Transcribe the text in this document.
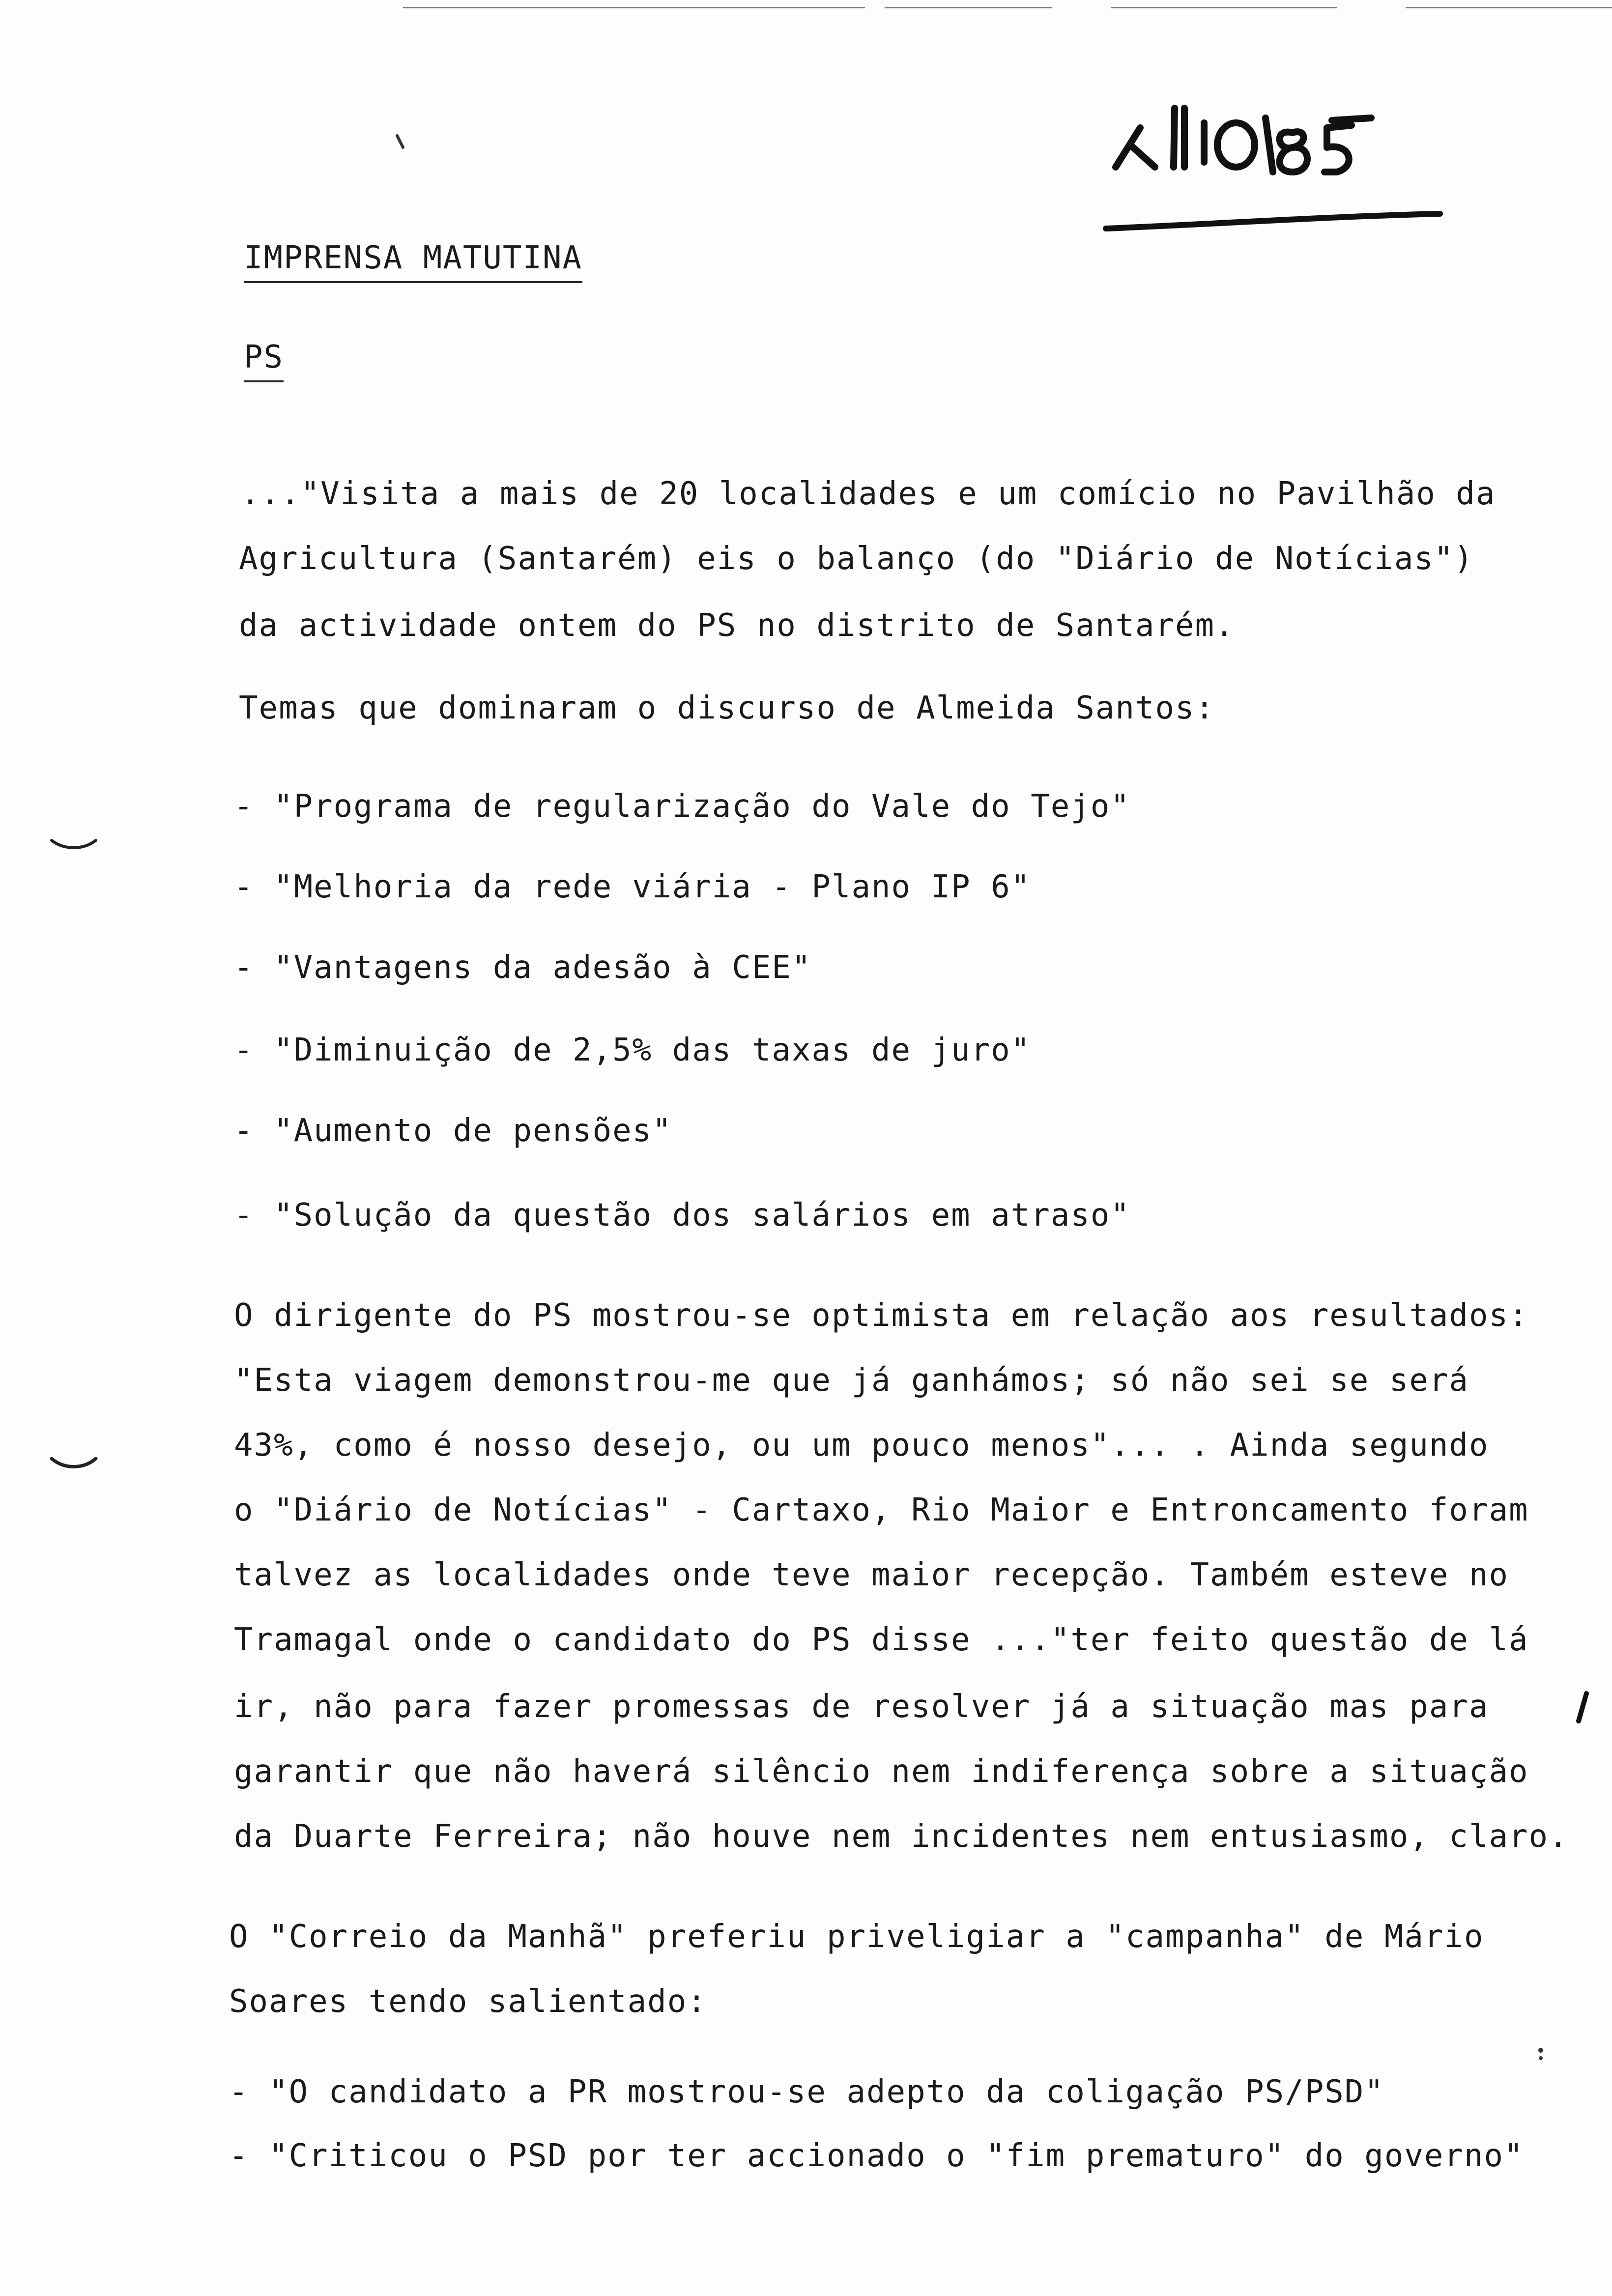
IMPRENSA MATUTINA
PS
..."Visita a mais de 20 localidades e um comício no Pavilhão da
Agricultura (Santarém) eis o balanço (do "Diário de Notícias")
da actividade ontem do PS no distrito de Santarém.
Temas que dominaram o discurso de Almeida Santos:
- "Programa de regularização do Vale do Tejo"
- "Melhoria da rede viária - Plano IP 6"
- "Vantagens da adesão à CEE"
- "Diminuição de 2,5% das taxas de juro"
- "Aumento de pensões"
- "Solução da questão dos salários em atraso"
O dirigente do PS mostrou-se optimista em relação aos resultados:
"Esta viagem demonstrou-me que já ganhámos; só não sei se será
43%, como é nosso desejo, ou um pouco menos"... . Ainda segundo
o "Diário de Notícias" - Cartaxo, Rio Maior e Entroncamento foram
talvez as localidades onde teve maior recepção. Também esteve no
Tramagal onde o candidato do PS disse ..."ter feito questão de lá
ir, não para fazer promessas de resolver já a situação mas para
garantir que não haverá silêncio nem indiferença sobre a situação
da Duarte Ferreira; não houve nem incidentes nem entusiasmo, claro.
O "Correio da Manhã" preferiu priveligiar a "campanha" de Mário
Soares tendo salientado:
- "O candidato a PR mostrou-se adepto da coligação PS/PSD"
- "Criticou o PSD por ter accionado o "fim prematuro" do governo"
